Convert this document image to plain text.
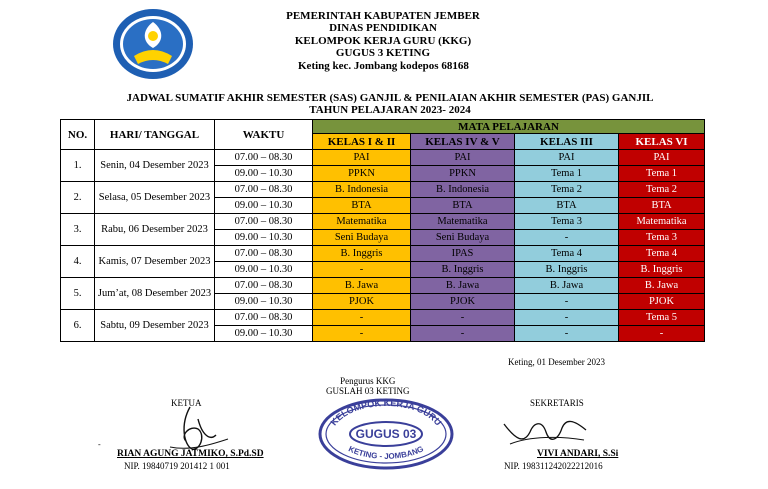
PEMERINTAH KABUPATEN JEMBER
DINAS PENDIDIKAN
KELOMPOK KERJA GURU (KKG)
GUGUS 3 KETING
Keting kec. Jombang kodepos 68168
JADWAL SUMATIF AKHIR SEMESTER (SAS) GANJIL & PENILAIAN AKHIR SEMESTER (PAS) GANJIL
TAHUN PELAJARAN 2023- 2024
NO.	HARI/ TANGGAL	WAKTU	MATA PELAJARAN			
			KELAS I & II	KELAS IV & V	KELAS III	KELAS VI
1.	Senin, 04 Desember 2023	07.00 – 08.30	PAI	PAI	PAI	PAI
		09.00 – 10.30	PPKN	PPKN	Tema 1	Tema 1
2.	Selasa, 05 Desember 2023	07.00 – 08.30	B. Indonesia	B. Indonesia	Tema 2	Tema 2
		09.00 – 10.30	BTA	BTA	BTA	BTA
3.	Rabu, 06 Desember 2023	07.00 – 08.30	Matematika	Matematika	Tema 3	Matematika
		09.00 – 10.30	Seni Budaya	Seni Budaya	-	Tema 3
4.	Kamis, 07 Desember 2023	07.00 – 08.30	B. Inggris	IPAS	Tema 4	Tema 4
		09.00 – 10.30	-	B. Inggris	B. Inggris	B. Inggris
5.	Jum’at, 08 Desember 2023	07.00 – 08.30	B. Jawa	B. Jawa	B. Jawa	B. Jawa
		09.00 – 10.30	PJOK	PJOK	-	PJOK
6.	Sabtu, 09 Desember 2023	07.00 – 08.30	-	-	-	Tema 5
		09.00 – 10.30	-	-	-	-
Keting, 01 Desember 2023
Pengurus KKG
GUSLAH 03 KETING
KELOMPOK KERJA GURU
GUGUS 03
KETING - JOMBANG
-
KETUA
RIAN AGUNG JATMIKO, S.Pd.SD
NIP. 19840719 201412 1 001
SEKRETARIS
VIVI ANDARI, S.Si
NIP. 198311242022212016
